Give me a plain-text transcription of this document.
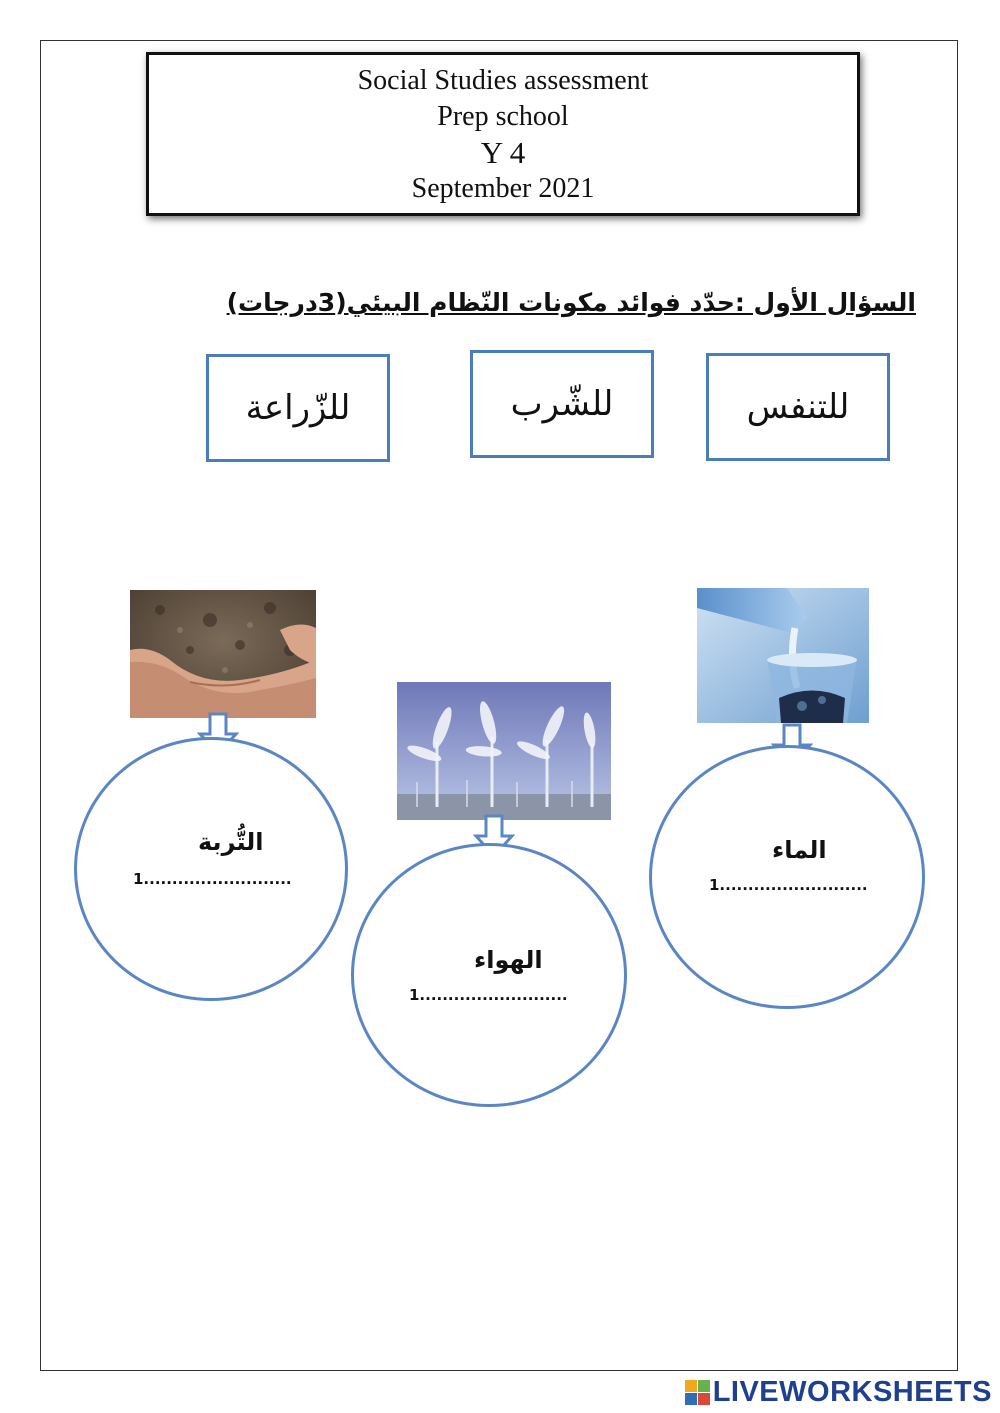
Social Studies assessment
Prep school
Y 4
September 2021
السؤال الأول :حدّد فوائد مكونات النّظام البيئي(3درجات)
للزّراعة	للشّرب	للتنفس
التُّربة
1..........................
الهواء
1..........................
الماء
1..........................
LIVEWORKSHEETS
